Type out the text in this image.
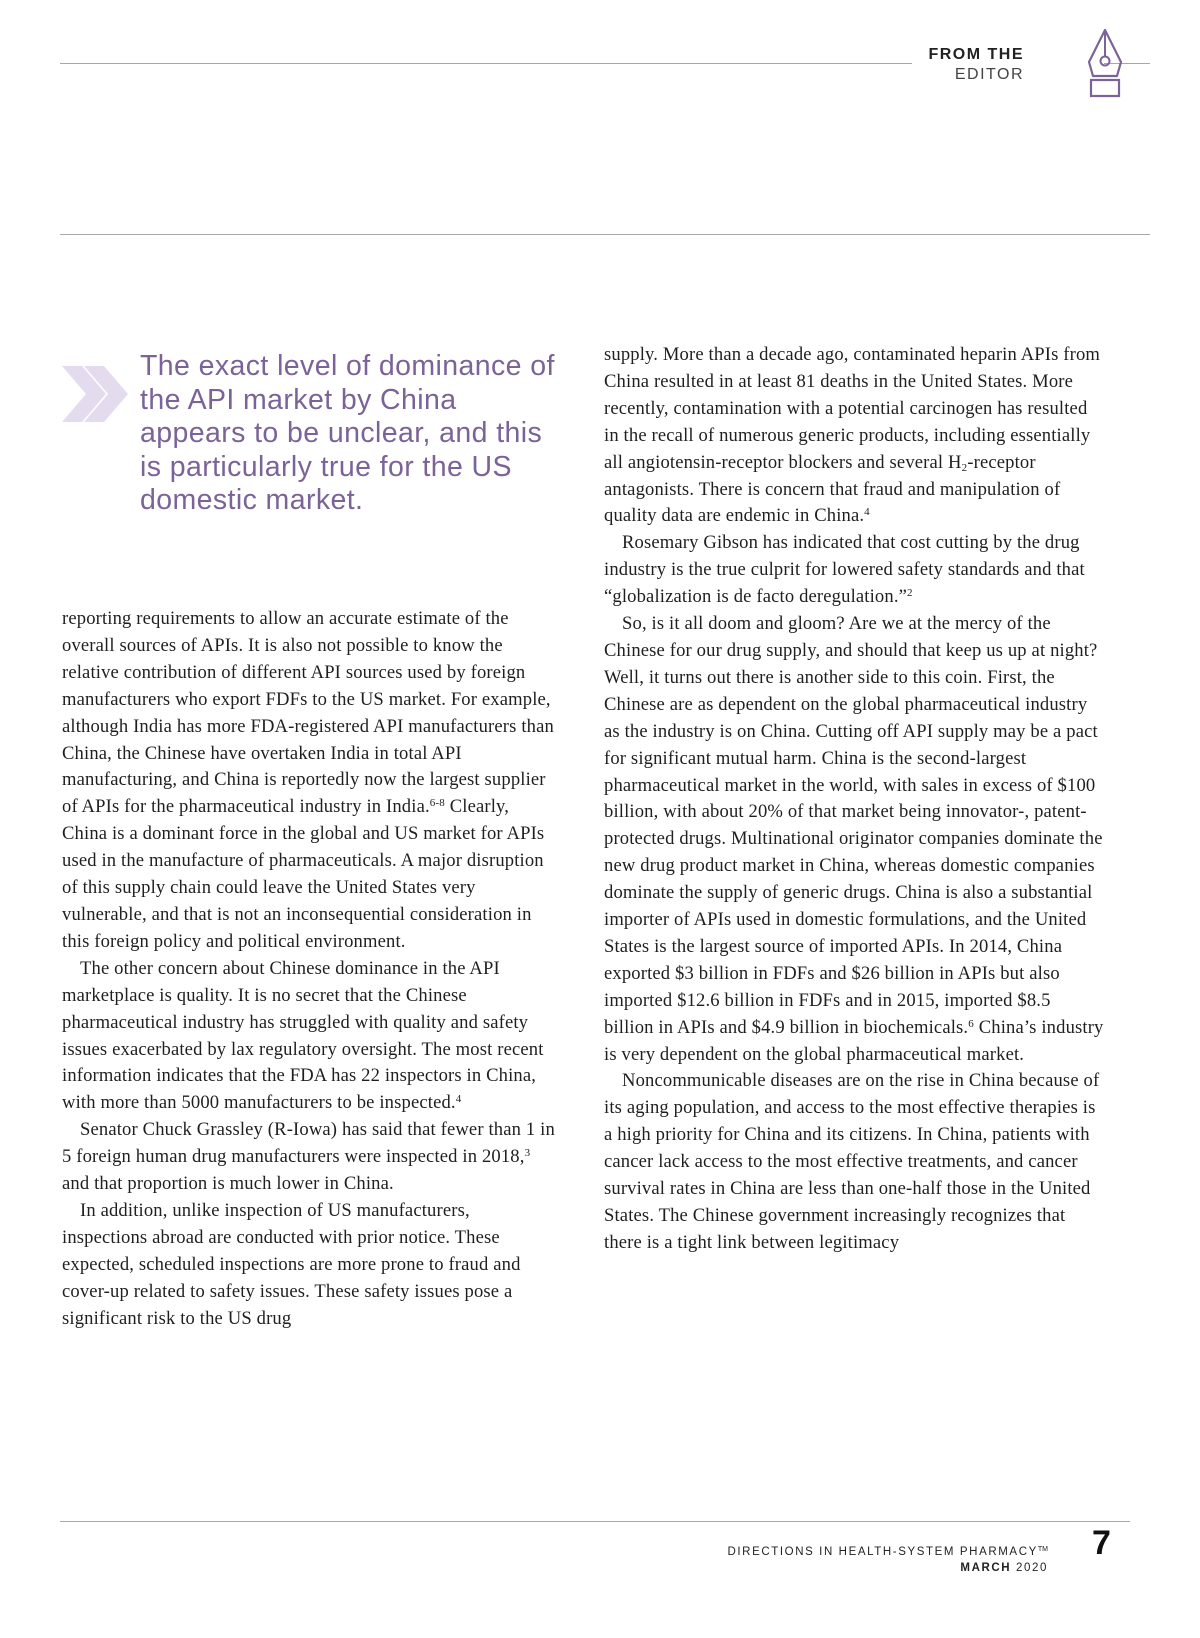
FROM THE
EDITOR
The exact level of dominance of the API market by China appears to be unclear, and this is particularly true for the US domestic market.

reporting requirements to allow an accurate estimate of the overall sources of APIs. It is also not possible to know the relative contribution of different API sources used by foreign manufacturers who export FDFs to the US market. For example, although India has more FDA-registered API manufacturers than China, the Chinese have overtaken India in total API manufacturing, and China is reportedly now the largest supplier of APIs for the pharmaceutical industry in India.$^{6-8}$ Clearly, China is a dominant force in the global and US market for APIs used in the manufacture of pharmaceuticals. A major disruption of this supply chain could leave the United States very vulnerable, and that is not an inconsequential consideration in this foreign policy and political environment.

The other concern about Chinese dominance in the API marketplace is quality. It is no secret that the Chinese pharmaceutical industry has struggled with quality and safety issues exacerbated by lax regulatory oversight. The most recent information indicates that the FDA has 22 inspectors in China, with more than 5000 manufacturers to be inspected.$^4$

Senator Chuck Grassley (R-Iowa) has said that fewer than 1 in 5 foreign human drug manufacturers were inspected in 2018,$^3$ and that proportion is much lower in China.

In addition, unlike inspection of US manufacturers, inspections abroad are conducted with prior notice. These expected, scheduled inspections are more prone to fraud and cover-up related to safety issues. These safety issues pose a significant risk to the US drug

supply. More than a decade ago, contaminated heparin APIs from China resulted in at least 81 deaths in the United States. More recently, contamination with a potential carcinogen has resulted in the recall of numerous generic products, including essentially all angiotensin-receptor blockers and several $H_2$-receptor antagonists. There is concern that fraud and manipulation of quality data are endemic in China.$^4$

Rosemary Gibson has indicated that cost cutting by the drug industry is the true culprit for lowered safety standards and that “globalization is de facto deregulation.”$^2$

So, is it all doom and gloom? Are we at the mercy of the Chinese for our drug supply, and should that keep us up at night? Well, it turns out there is another side to this coin. First, the Chinese are as dependent on the global pharmaceutical industry as the industry is on China. Cutting off API supply may be a pact for significant mutual harm. China is the second-largest pharmaceutical market in the world, with sales in excess of $100 billion, with about 20% of that market being innovator-, patent-protected drugs. Multinational originator companies dominate the new drug product market in China, whereas domestic companies dominate the supply of generic drugs. China is also a substantial importer of APIs used in domestic formulations, and the United States is the largest source of imported APIs. In 2014, China exported $3 billion in FDFs and $26 billion in APIs but also imported $12.6 billion in FDFs and in 2015, imported $8.5 billion in APIs and $4.9 billion in biochemicals.$^6$ China’s industry is very dependent on the global pharmaceutical market.

Noncommunicable diseases are on the rise in China because of its aging population, and access to the most effective therapies is a high priority for China and its citizens. In China, patients with cancer lack access to the most effective treatments, and cancer survival rates in China are less than one-half those in the United States. The Chinese government increasingly recognizes that there is a tight link between legitimacy

DIRECTIONS IN HEALTH-SYSTEM PHARMACY™
MARCH 2020
7
